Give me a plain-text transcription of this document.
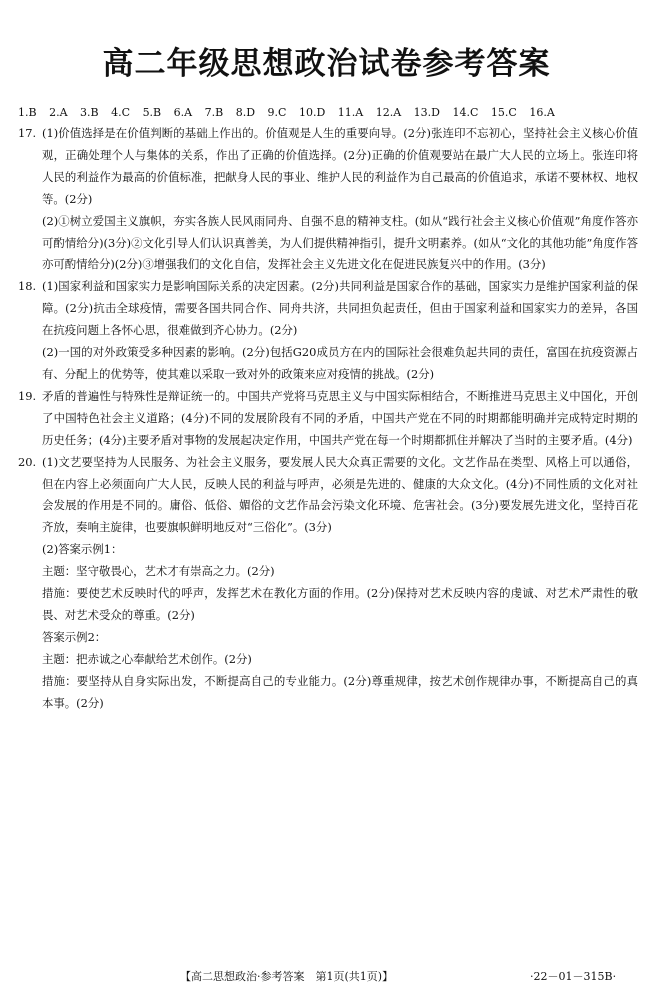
高二年级思想政治试卷参考答案
1.B 2.A 3.B 4.C 5.B 6.A 7.B 8.D 9.C 10.D 11.A 12.A 13.D 14.C 15.C 16.A
17. (1)价值选择是在价值判断的基础上作出的。价值观是人生的重要向导。(2分)张连印不忘初心，坚持社会主义核心价值观，正确处理个人与集体的关系，作出了正确的价值选择。(2分)正确的价值观要站在最广大人民的立场上。张连印将人民的利益作为最高的价值标准，把献身人民的事业、维护人民的利益作为自己最高的价值追求，承诺不要林权、地权等。(2分)

(2)①树立爱国主义旗帜，夯实各族人民风雨同舟、自强不息的精神支柱。(如从“践行社会主义核心价值观”角度作答亦可酌情给分)(3分)②文化引导人们认识真善美，为人们提供精神指引，提升文明素养。(如从“文化的其他功能”角度作答亦可酌情给分)(2分)③增强我们的文化自信，发挥社会主义先进文化在促进民族复兴中的作用。(3分)

18. (1)国家利益和国家实力是影响国际关系的决定因素。(2分)共同利益是国家合作的基础，国家实力是维护国家利益的保障。(2分)抗击全球疫情，需要各国共同合作、同舟共济，共同担负起责任，但由于国家利益和国家实力的差异，各国在抗疫问题上各怀心思，很难做到齐心协力。(2分)

(2)一国的对外政策受多种因素的影响。(2分)包括G20成员方在内的国际社会很难负起共同的责任，富国在抗疫资源占有、分配上的优势等，使其难以采取一致对外的政策来应对疫情的挑战。(2分)

19. 矛盾的普遍性与特殊性是辩证统一的。中国共产党将马克思主义与中国实际相结合，不断推进马克思主义中国化，开创了中国特色社会主义道路；(4分)不同的发展阶段有不同的矛盾，中国共产党在不同的时期都能明确并完成特定时期的历史任务；(4分)主要矛盾对事物的发展起决定作用，中国共产党在每一个时期都抓住并解决了当时的主要矛盾。(4分)

20. (1)文艺要坚持为人民服务、为社会主义服务，要发展人民大众真正需要的文化。文艺作品在类型、风格上可以通俗，但在内容上必须面向广大人民，反映人民的利益与呼声，必须是先进的、健康的大众文化。(4分)不同性质的文化对社会发展的作用是不同的。庸俗、低俗、媚俗的文艺作品会污染文化环境、危害社会。(3分)要发展先进文化，坚持百花齐放，奏响主旋律，也要旗帜鲜明地反对“三俗化”。(3分)

(2)答案示例1：

主题：坚守敬畏心，艺术才有崇高之力。(2分)

措施：要使艺术反映时代的呼声，发挥艺术在教化方面的作用。(2分)保持对艺术反映内容的虔诚、对艺术严肃性的敬畏、对艺术受众的尊重。(2分)

答案示例2：

主题：把赤诚之心奉献给艺术创作。(2分)

措施：要坚持从自身实际出发，不断提高自己的专业能力。(2分)尊重规律，按艺术创作规律办事，不断提高自己的真本事。(2分)

【高二思想政治·参考答案　第1页(共1页)】	·22－01－315B·
